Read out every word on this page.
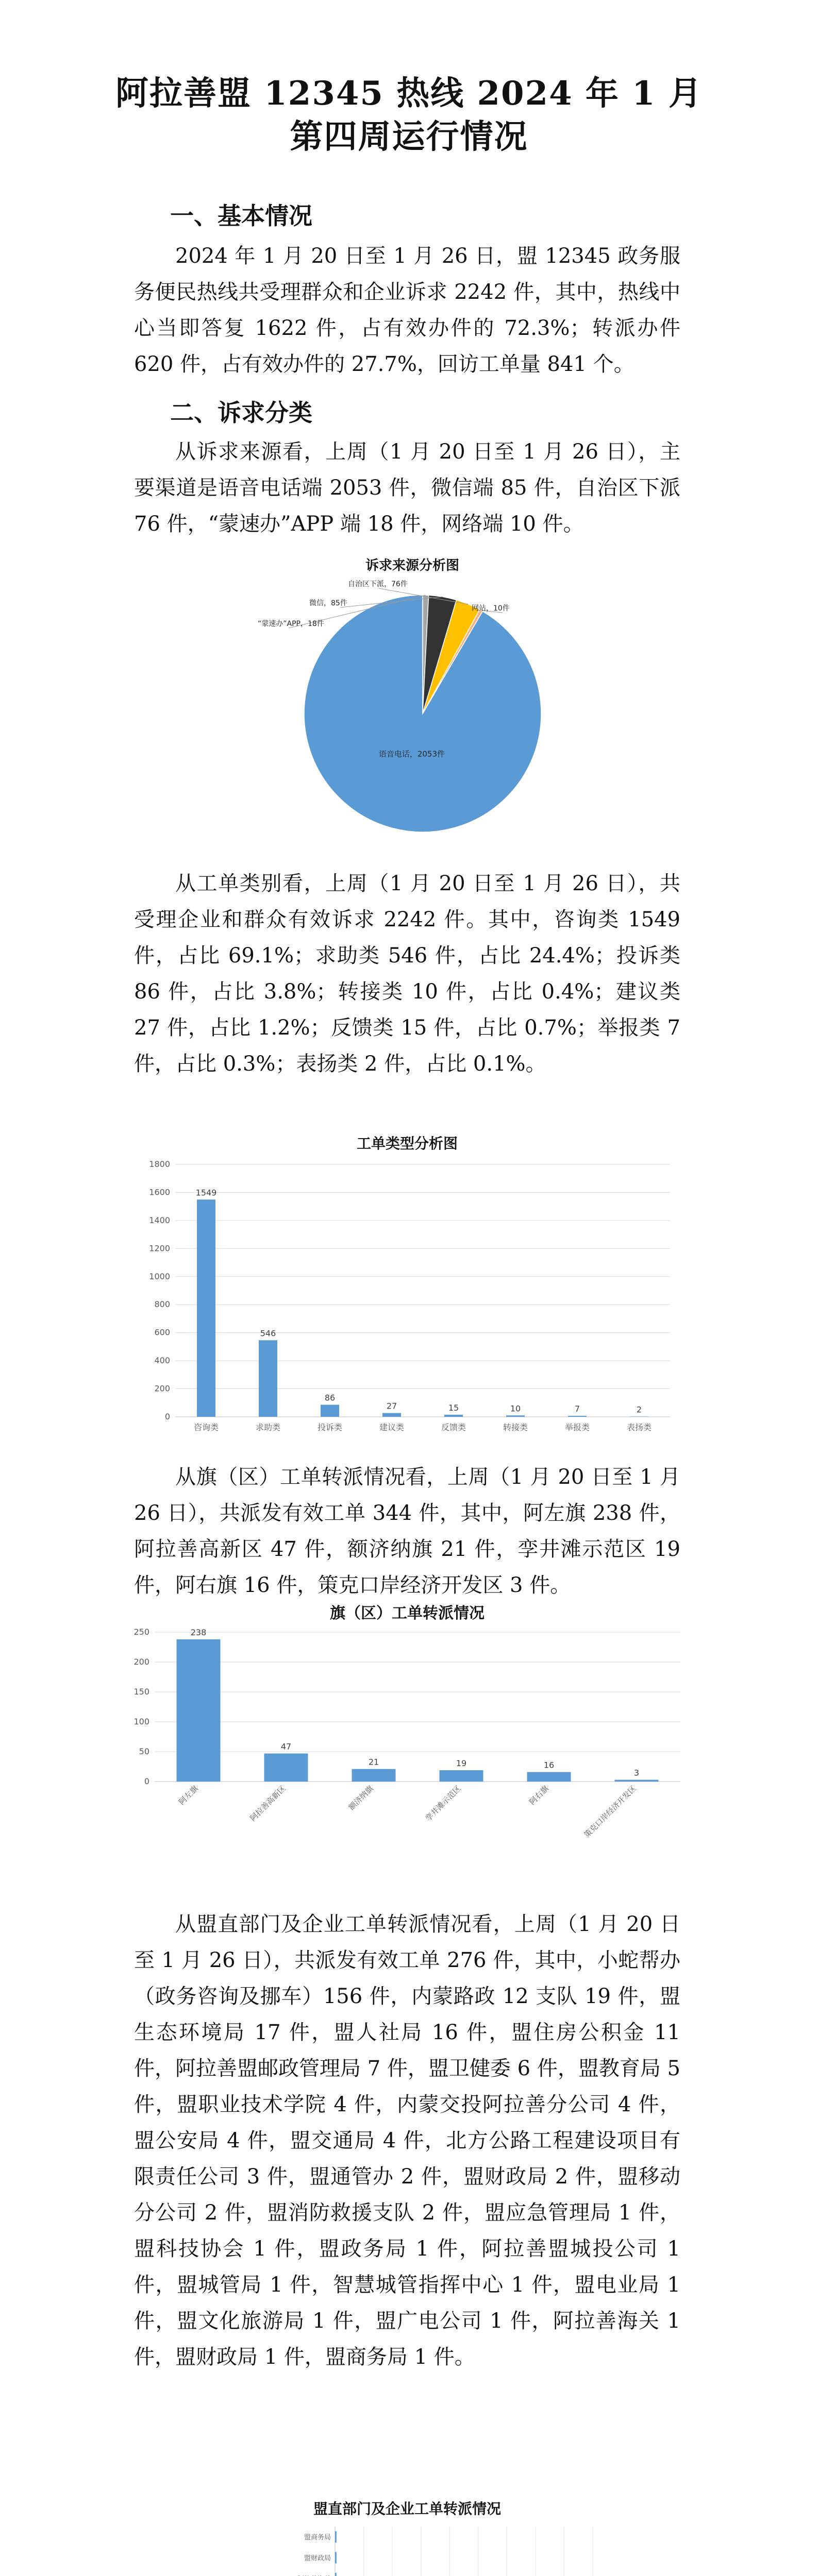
阿拉善盟 12345 热线 2024 年 1 月
第四周运行情况
一、基本情况
2024 年 1 月 20 日至 1 月 26 日，盟 12345 政务服务便民热线共受理群众和企业诉求 2242 件，其中，热线中心当即答复 1622 件，占有效办件的 72.3%；转派办件 620 件，占有效办件的 27.7%，回访工单量 841 个。
二、诉求分类
从诉求来源看，上周（1 月 20 日至 1 月 26 日），主要渠道是语音电话端 2053 件，微信端 85 件，自治区下派 76 件，“蒙速办”APP 端 18 件，网络端 10 件。
诉求来源分析图
语音电话，2053件
“蒙速办”APP，18件
微信，85件
自治区下派，76件
网站，10件
从工单类别看，上周（1 月 20 日至 1 月 26 日），共受理企业和群众有效诉求 2242 件。其中，咨询类 1549 件，占比 69.1%；求助类 546 件，占比 24.4%；投诉类 86 件，占比 3.8%；转接类 10 件，占比 0.4%；建议类 27 件，占比 1.2%；反馈类 15 件，占比 0.7%；举报类 7 件，占比 0.3%；表扬类 2 件，占比 0.1%。
工单类型分析图
0
200
400
600
800
1000
1200
1400
1600
1800
1549
咨询类
546
求助类
86
投诉类
27
建议类
15
反馈类
10
转接类
7
举报类
2
表扬类
从旗（区）工单转派情况看，上周（1 月 20 日至 1 月 26 日），共派发有效工单 344 件，其中，阿左旗 238 件，阿拉善高新区 47 件，额济纳旗 21 件，孪井滩示范区 19 件，阿右旗 16 件，策克口岸经济开发区 3 件。
旗（区）工单转派情况
0
50
100
150
200
250	238
阿左旗
47
阿拉善高新区
21
额济纳旗
19
孪井滩示范区
16
阿右旗
3
策克口岸经济开发区
从盟直部门及企业工单转派情况看，上周（1 月 20 日至 1 月 26 日），共派发有效工单 276 件，其中，小蛇帮办（政务咨询及挪车）156 件，内蒙路政 12 支队 19 件，盟生态环境局 17 件，盟人社局 16 件，盟住房公积金 11 件，阿拉善盟邮政管理局 7 件，盟卫健委 6 件，盟教育局 5 件，盟职业技术学院 4 件，内蒙交投阿拉善分公司 4 件，盟公安局 4 件，盟交通局 4 件，北方公路工程建设项目有限责任公司 3 件，盟通管办 2 件，盟财政局 2 件，盟移动分公司 2 件，盟消防救援支队 2 件，盟应急管理局 1 件，盟科技协会 1 件，盟政务局 1 件，阿拉善盟城投公司 1 件，盟城管局 1 件，智慧城管指挥中心 1 件，盟电业局 1 件，盟文化旅游局 1 件，盟广电公司 1 件，阿拉善海关 1 件，盟财政局 1 件，盟商务局 1 件。
盟直部门及企业工单转派情况
盟财政局
盟商务局
